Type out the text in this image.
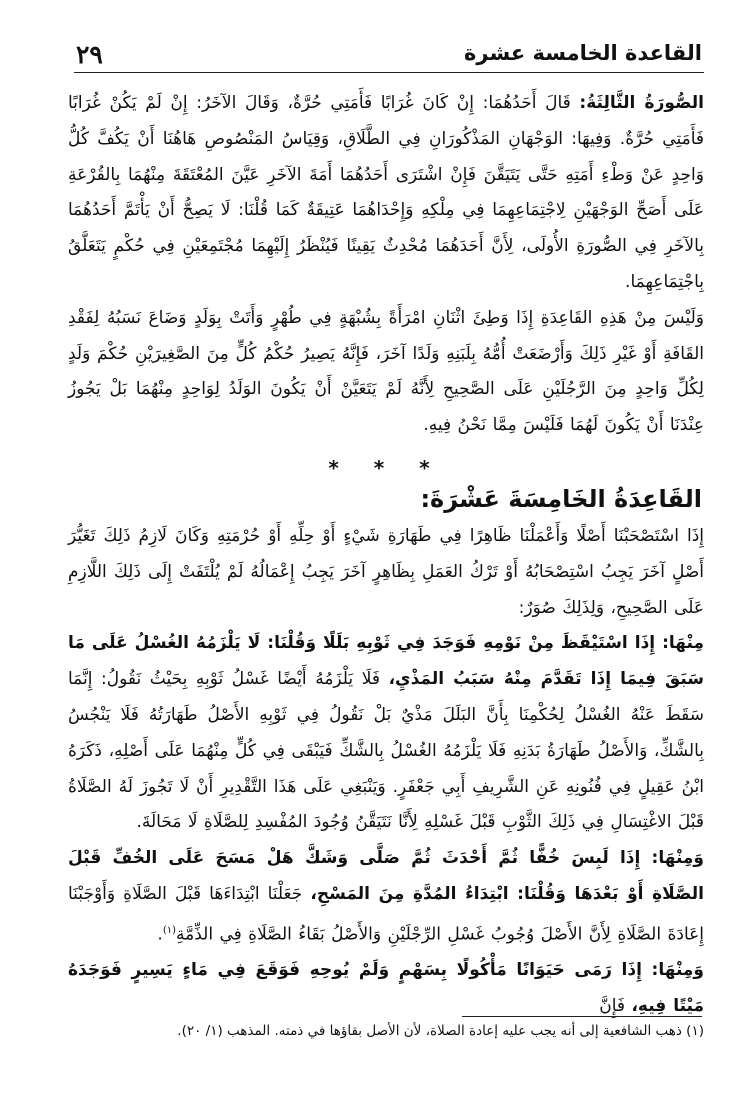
٢٩	القاعدة الخامسة عشرة

الصُّورَةُ الثَّالِثَةُ: قَالَ أَحَدُهُمَا: إِنْ كَانَ غُرَابًا فَأَمَتِي حُرَّةٌ، وَقَالَ الآخَرُ: إِنْ لَمْ يَكُنْ غُرَابًا فَأَمَتِي حُرَّةٌ. وَفِيهَا: الوَجْهَانِ المَذْكُورَانِ فِي الطَّلَاقِ، وَقِيَاسُ المَنْصُوصِ هَاهُنَا أَنْ يَكُفَّ كُلُّ وَاحِدٍ عَنْ وَطْءِ أَمَتِهِ حَتَّى يَتَيَقَّنَ فَإِنْ اشْتَرَى أَحَدُهُمَا أَمَةَ الآخَرِ عَيَّنَ المُعْتَقَةَ مِنْهُمَا بِالقُرْعَةِ عَلَى أَصَحِّ الوَجْهَيْنِ لِاجْتِمَاعِهِمَا فِي مِلْكِهِ وَإِحْدَاهُمَا عَتِيقَةٌ كَمَا قُلْنَا: لَا يَصِحُّ أَنْ يَأْتَمَّ أَحَدُهُمَا بِالآخَرِ فِي الصُّورَةِ الأُولَى، لِأَنَّ أَحَدَهُمَا مُحْدِثٌ يَقِينًا فَيُنْظَرُ إِلَيْهِمَا مُجْتَمِعَيْنِ فِي حُكْمٍ يَتَعَلَّقُ بِاجْتِمَاعِهِمَا.

وَلَيْسَ مِنْ هَذِهِ القَاعِدَةِ إِذَا وَطِئَ اثْنَانِ امْرَأَةً بِشُبْهَةٍ فِي طُهْرٍ وَأَتَتْ بِوَلَدٍ وَضَاعَ نَسَبُهُ لِفَقْدِ القَافَةِ أَوْ غَيْرِ ذَلِكَ وَأَرْضَعَتْ أُمُّهُ بِلَبَنِهِ وَلَدًا آخَرَ، فَإِنَّهُ يَصِيرُ حُكْمُ كُلٍّ مِنَ الصَّغِيرَيْنِ حُكْمَ وَلَدٍ لِكُلِّ وَاحِدٍ مِنَ الرَّجُلَيْنِ عَلَى الصَّحِيحِ لِأَنَّهُ لَمْ يَتَعَيَّنْ أَنْ يَكُونَ الوَلَدُ لِوَاحِدٍ مِنْهُمَا بَلْ يَجُوزُ عِنْدَنَا أَنْ يَكُونَ لَهُمَا فَلَيْسَ مِمَّا نَحْنُ فِيهِ.

* * *
القَاعِدَةُ الخَامِسَةَ عَشْرَةَ:

إِذَا اسْتَصْحَبْنَا أَصْلًا وَأَعْمَلْنَا ظَاهِرًا فِي طَهَارَةِ شَيْءٍ أَوْ حِلِّهِ أَوْ حُرْمَتِهِ وَكَانَ لَازِمُ ذَلِكَ تَغَيُّرَ أَصْلٍ آخَرَ يَجِبُ اسْتِصْحَابُهُ أَوْ تَرْكُ العَمَلِ بِظَاهِرٍ آخَرَ يَجِبُ إِعْمَالُهُ لَمْ يُلْتَفَتْ إِلَى ذَلِكَ اللَّازِمِ عَلَى الصَّحِيحِ، وَلِذَلِكَ صُوَرٌ:

مِنْهَا: إِذَا اسْتَيْقَظَ مِنْ نَوْمِهِ فَوَجَدَ فِي ثَوْبِهِ بَلَلًا وَقُلْنَا: لَا يَلْزَمُهُ الغُسْلُ عَلَى مَا سَبَقَ فِيمَا إِذَا تَقَدَّمَ مِنْهُ سَبَبُ المَذْيِ، فَلَا يَلْزَمُهُ أَيْضًا غَسْلُ ثَوْبِهِ بِحَيْثُ نَقُولُ: إِنَّمَا سَقَطَ عَنْهُ الغُسْلُ لِحُكْمِنَا بِأَنَّ البَلَلَ مَذْيٌ بَلْ نَقُولُ فِي ثَوْبِهِ الأَصْلُ طَهَارَتُهُ فَلَا يَنْجُسُ بِالشَّكِّ، وَالأَصْلُ طَهَارَةُ بَدَنِهِ فَلَا يَلْزَمُهُ الغُسْلُ بِالشَّكِّ فَيَبْقَى فِي كُلٍّ مِنْهُمَا عَلَى أَصْلِهِ، ذَكَرَهُ ابْنُ عَقِيلٍ فِي فُنُونِهِ عَنِ الشَّرِيفِ أَبِي جَعْفَرٍ. وَيَنْبَغِي عَلَى هَذَا التَّقْدِيرِ أَنْ لَا تَجُوزَ لَهُ الصَّلَاةُ قَبْلَ الاغْتِسَالِ فِي ذَلِكَ الثَّوْبِ قَبْلَ غَسْلِهِ لِأَنَّا نَتَيَقَّنُ وُجُودَ المُفْسِدِ لِلصَّلَاةِ لَا مَحَالَةَ.

وَمِنْهَا: إِذَا لَبِسَ خُفًّا ثُمَّ أَحْدَثَ ثُمَّ صَلَّى وَشَكَّ هَلْ مَسَحَ عَلَى الخُفِّ قَبْلَ الصَّلَاةِ أَوْ بَعْدَهَا وَقُلْنَا: ابْتِدَاءُ المُدَّةِ مِنَ المَسْحِ، جَعَلْنَا ابْتِدَاءَهَا قَبْلَ الصَّلَاةِ وَأَوْجَبْنَا إِعَادَةَ الصَّلَاةِ لِأَنَّ الأَصْلَ وُجُوبُ غَسْلِ الرِّجْلَيْنِ وَالأَصْلُ بَقَاءُ الصَّلَاةِ فِي الذِّمَّةِ$^{(١)}$.

وَمِنْهَا: إِذَا رَمَى حَيَوَانًا مَأْكُولًا بِسَهْمٍ وَلَمْ يُوحِهِ فَوَقَعَ فِي مَاءٍ يَسِيرٍ فَوَجَدَهُ مَيْتًا فِيهِ، فَإِنَّ

(١) ذهب الشافعية إلى أنه يجب عليه إعادة الصلاة، لأن الأصل بقاؤها في ذمته. المذهب (١/ ٢٠).
